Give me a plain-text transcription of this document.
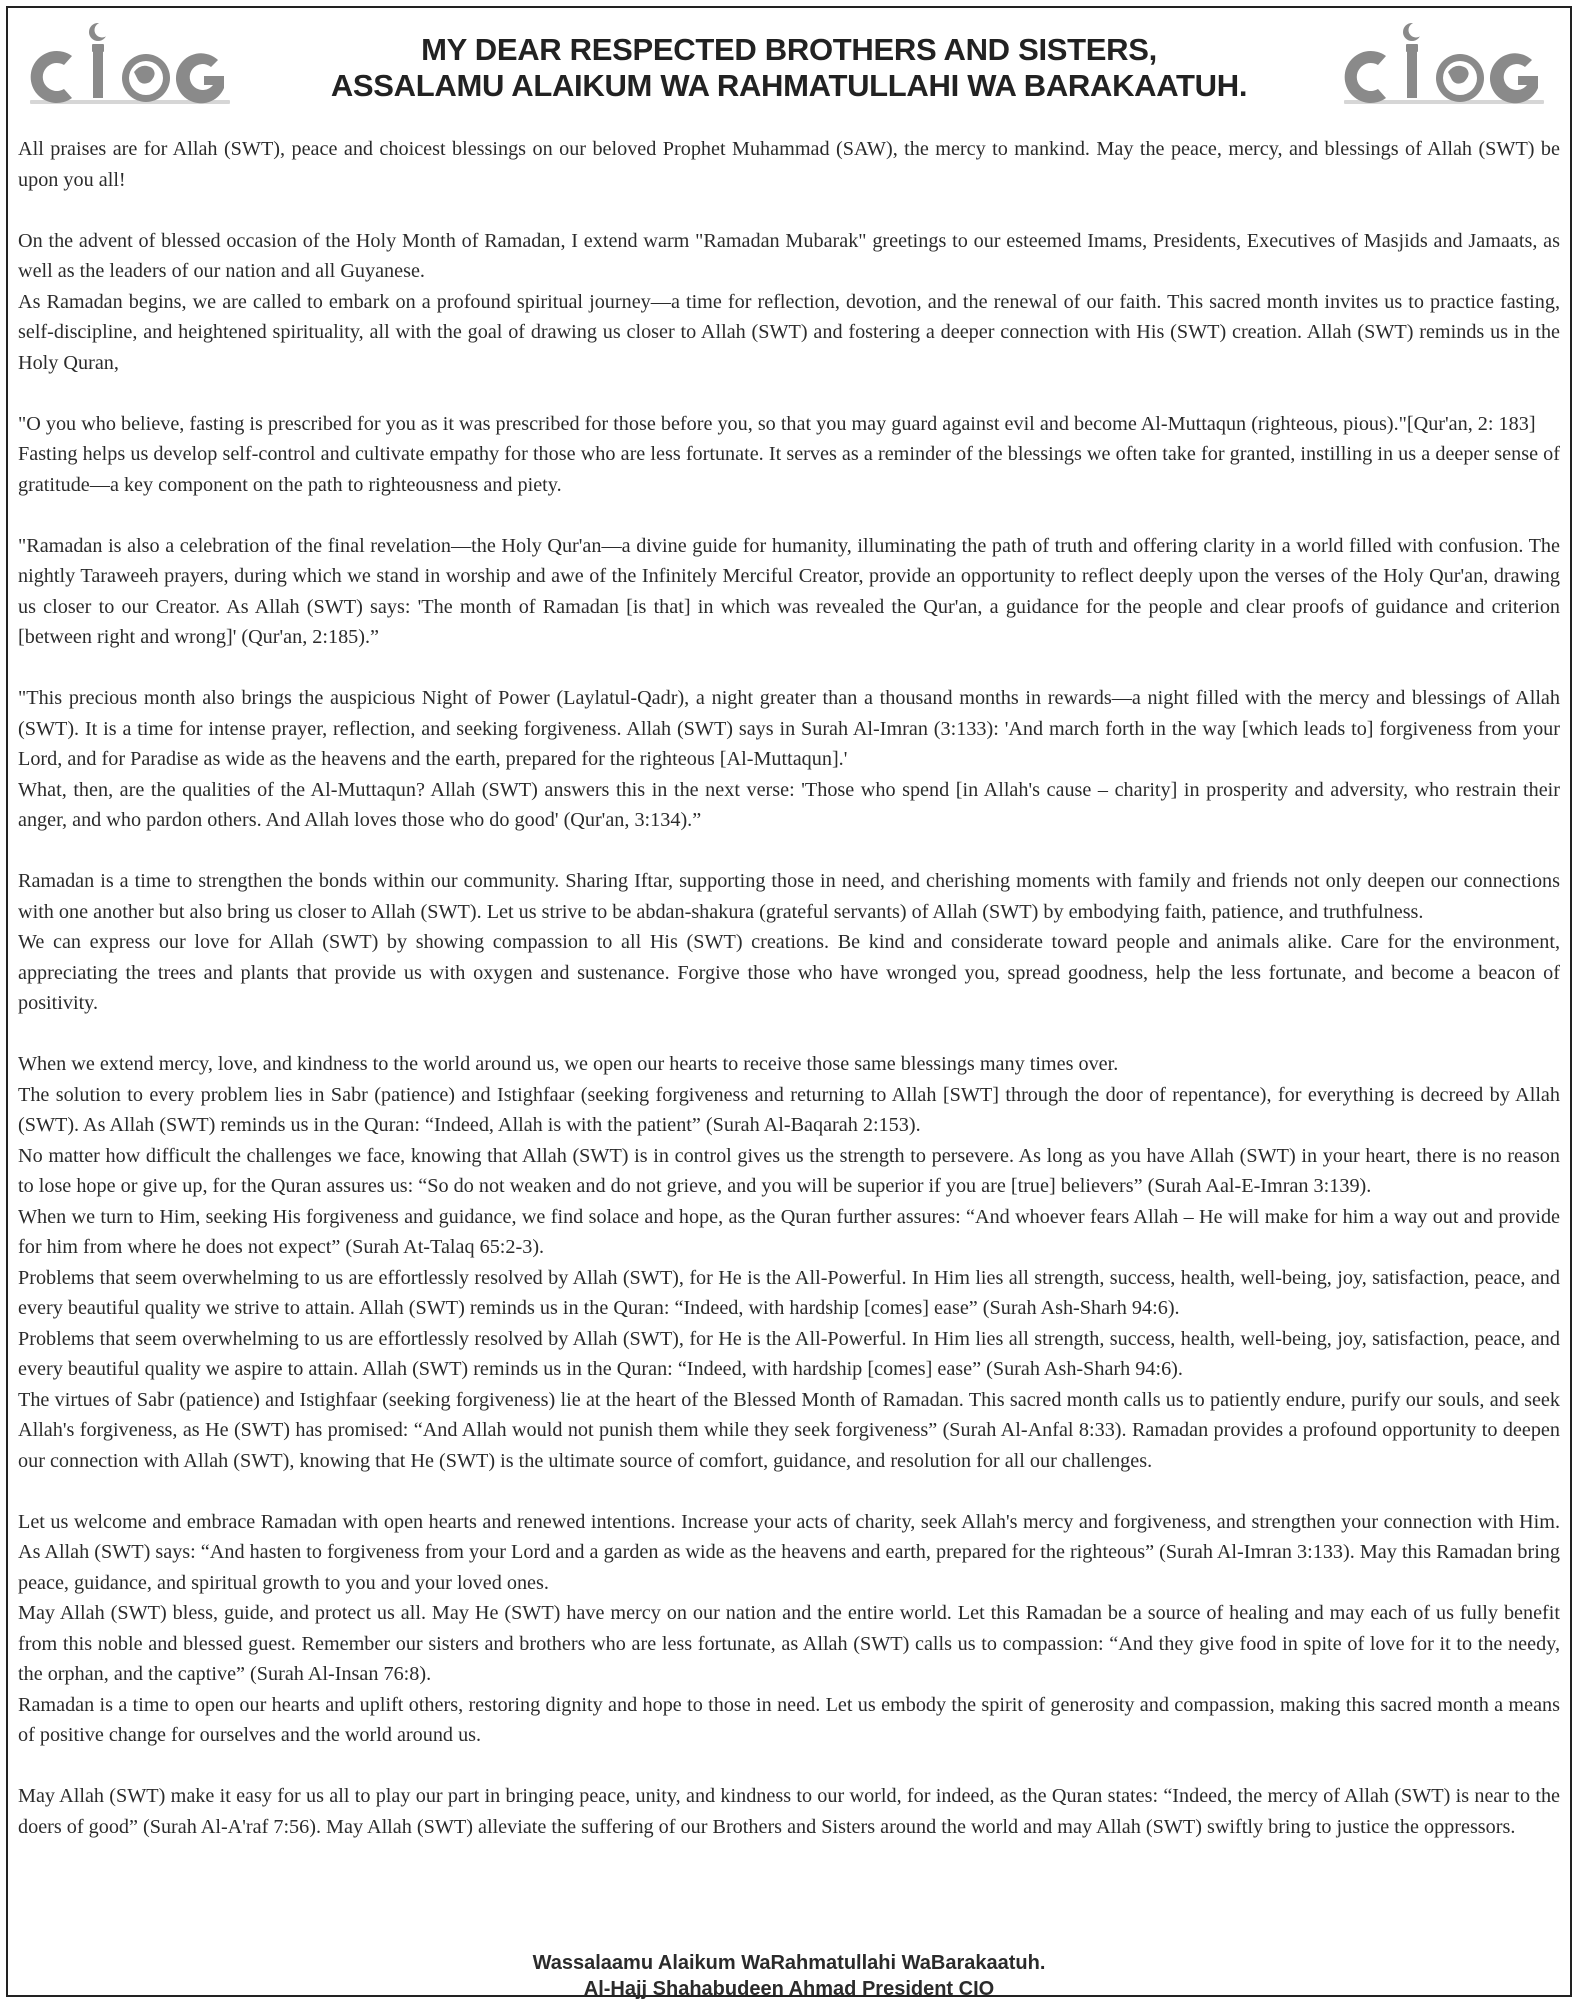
MY DEAR RESPECTED BROTHERS AND SISTERS,
ASSALAMU ALAIKUM WA RAHMATULLAHI WA BARAKAATUH.

All praises are for Allah (SWT), peace and choicest blessings on our beloved Prophet Muhammad (SAW), the mercy to mankind. May the peace, mercy, and blessings of Allah (SWT) be upon you all!

On the advent of blessed occasion of the Holy Month of Ramadan, I extend warm "Ramadan Mubarak" greetings to our esteemed Imams, Presidents, Executives of Masjids and Jamaats, as well as the leaders of our nation and all Guyanese.

As Ramadan begins, we are called to embark on a profound spiritual journey—a time for reflection, devotion, and the renewal of our faith. This sacred month invites us to practice fasting, self-discipline, and heightened spirituality, all with the goal of drawing us closer to Allah (SWT) and fostering a deeper connection with His (SWT) creation. Allah (SWT) reminds us in the Holy Quran,

"O you who believe, fasting is prescribed for you as it was prescribed for those before you, so that you may guard against evil and become Al-Muttaqun (righteous, pious)."[Qur'an, 2: 183]

Fasting helps us develop self-control and cultivate empathy for those who are less fortunate. It serves as a reminder of the blessings we often take for granted, instilling in us a deeper sense of gratitude—a key component on the path to righteousness and piety.

"Ramadan is also a celebration of the final revelation—the Holy Qur'an—a divine guide for humanity, illuminating the path of truth and offering clarity in a world filled with confusion. The nightly Taraweeh prayers, during which we stand in worship and awe of the Infinitely Merciful Creator, provide an opportunity to reflect deeply upon the verses of the Holy Qur'an, drawing us closer to our Creator. As Allah (SWT) says: 'The month of Ramadan [is that] in which was revealed the Qur'an, a guidance for the people and clear proofs of guidance and criterion [between right and wrong]' (Qur'an, 2:185).”

"This precious month also brings the auspicious Night of Power (Laylatul-Qadr), a night greater than a thousand months in rewards—a night filled with the mercy and blessings of Allah (SWT). It is a time for intense prayer, reflection, and seeking forgiveness. Allah (SWT) says in Surah Al-Imran (3:133): 'And march forth in the way [which leads to] forgiveness from your Lord, and for Paradise as wide as the heavens and the earth, prepared for the righteous [Al-Muttaqun].'

What, then, are the qualities of the Al-Muttaqun? Allah (SWT) answers this in the next verse: 'Those who spend [in Allah's cause – charity] in prosperity and adversity, who restrain their anger, and who pardon others. And Allah loves those who do good' (Qur'an, 3:134).”

Ramadan is a time to strengthen the bonds within our community. Sharing Iftar, supporting those in need, and cherishing moments with family and friends not only deepen our connections with one another but also bring us closer to Allah (SWT). Let us strive to be abdan-shakura (grateful servants) of Allah (SWT) by embodying faith, patience, and truthfulness.

We can express our love for Allah (SWT) by showing compassion to all His (SWT) creations. Be kind and considerate toward people and animals alike. Care for the environment, appreciating the trees and plants that provide us with oxygen and sustenance. Forgive those who have wronged you, spread goodness, help the less fortunate, and become a beacon of positivity.

When we extend mercy, love, and kindness to the world around us, we open our hearts to receive those same blessings many times over.

The solution to every problem lies in Sabr (patience) and Istighfaar (seeking forgiveness and returning to Allah [SWT] through the door of repentance), for everything is decreed by Allah (SWT). As Allah (SWT) reminds us in the Quran: “Indeed, Allah is with the patient” (Surah Al-Baqarah 2:153).

No matter how difficult the challenges we face, knowing that Allah (SWT) is in control gives us the strength to persevere. As long as you have Allah (SWT) in your heart, there is no reason to lose hope or give up, for the Quran assures us: “So do not weaken and do not grieve, and you will be superior if you are [true] believers” (Surah Aal-E-Imran 3:139).

When we turn to Him, seeking His forgiveness and guidance, we find solace and hope, as the Quran further assures: “And whoever fears Allah – He will make for him a way out and provide for him from where he does not expect” (Surah At-Talaq 65:2-3).

Problems that seem overwhelming to us are effortlessly resolved by Allah (SWT), for He is the All-Powerful. In Him lies all strength, success, health, well-being, joy, satisfaction, peace, and every beautiful quality we strive to attain. Allah (SWT) reminds us in the Quran: “Indeed, with hardship [comes] ease” (Surah Ash-Sharh 94:6).

Problems that seem overwhelming to us are effortlessly resolved by Allah (SWT), for He is the All-Powerful. In Him lies all strength, success, health, well-being, joy, satisfaction, peace, and every beautiful quality we aspire to attain. Allah (SWT) reminds us in the Quran: “Indeed, with hardship [comes] ease” (Surah Ash-Sharh 94:6).

The virtues of Sabr (patience) and Istighfaar (seeking forgiveness) lie at the heart of the Blessed Month of Ramadan. This sacred month calls us to patiently endure, purify our souls, and seek Allah's forgiveness, as He (SWT) has promised: “And Allah would not punish them while they seek forgiveness” (Surah Al-Anfal 8:33). Ramadan provides a profound opportunity to deepen our connection with Allah (SWT), knowing that He (SWT) is the ultimate source of comfort, guidance, and resolution for all our challenges.

Let us welcome and embrace Ramadan with open hearts and renewed intentions. Increase your acts of charity, seek Allah's mercy and forgiveness, and strengthen your connection with Him. As Allah (SWT) says: “And hasten to forgiveness from your Lord and a garden as wide as the heavens and earth, prepared for the righteous” (Surah Al-Imran 3:133). May this Ramadan bring peace, guidance, and spiritual growth to you and your loved ones.

May Allah (SWT) bless, guide, and protect us all. May He (SWT) have mercy on our nation and the entire world. Let this Ramadan be a source of healing and may each of us fully benefit from this noble and blessed guest. Remember our sisters and brothers who are less fortunate, as Allah (SWT) calls us to compassion: “And they give food in spite of love for it to the needy, the orphan, and the captive” (Surah Al-Insan 76:8).

Ramadan is a time to open our hearts and uplift others, restoring dignity and hope to those in need. Let us embody the spirit of generosity and compassion, making this sacred month a means of positive change for ourselves and the world around us.

May Allah (SWT) make it easy for us all to play our part in bringing peace, unity, and kindness to our world, for indeed, as the Quran states: “Indeed, the mercy of Allah (SWT) is near to the doers of good” (Surah Al-A'raf 7:56). May Allah (SWT) alleviate the suffering of our Brothers and Sisters around the world and may Allah (SWT) swiftly bring to justice the oppressors.

Wassalaamu Alaikum WaRahmatullahi WaBarakaatuh.
Al-Hajj Shahabudeen Ahmad President CIO
